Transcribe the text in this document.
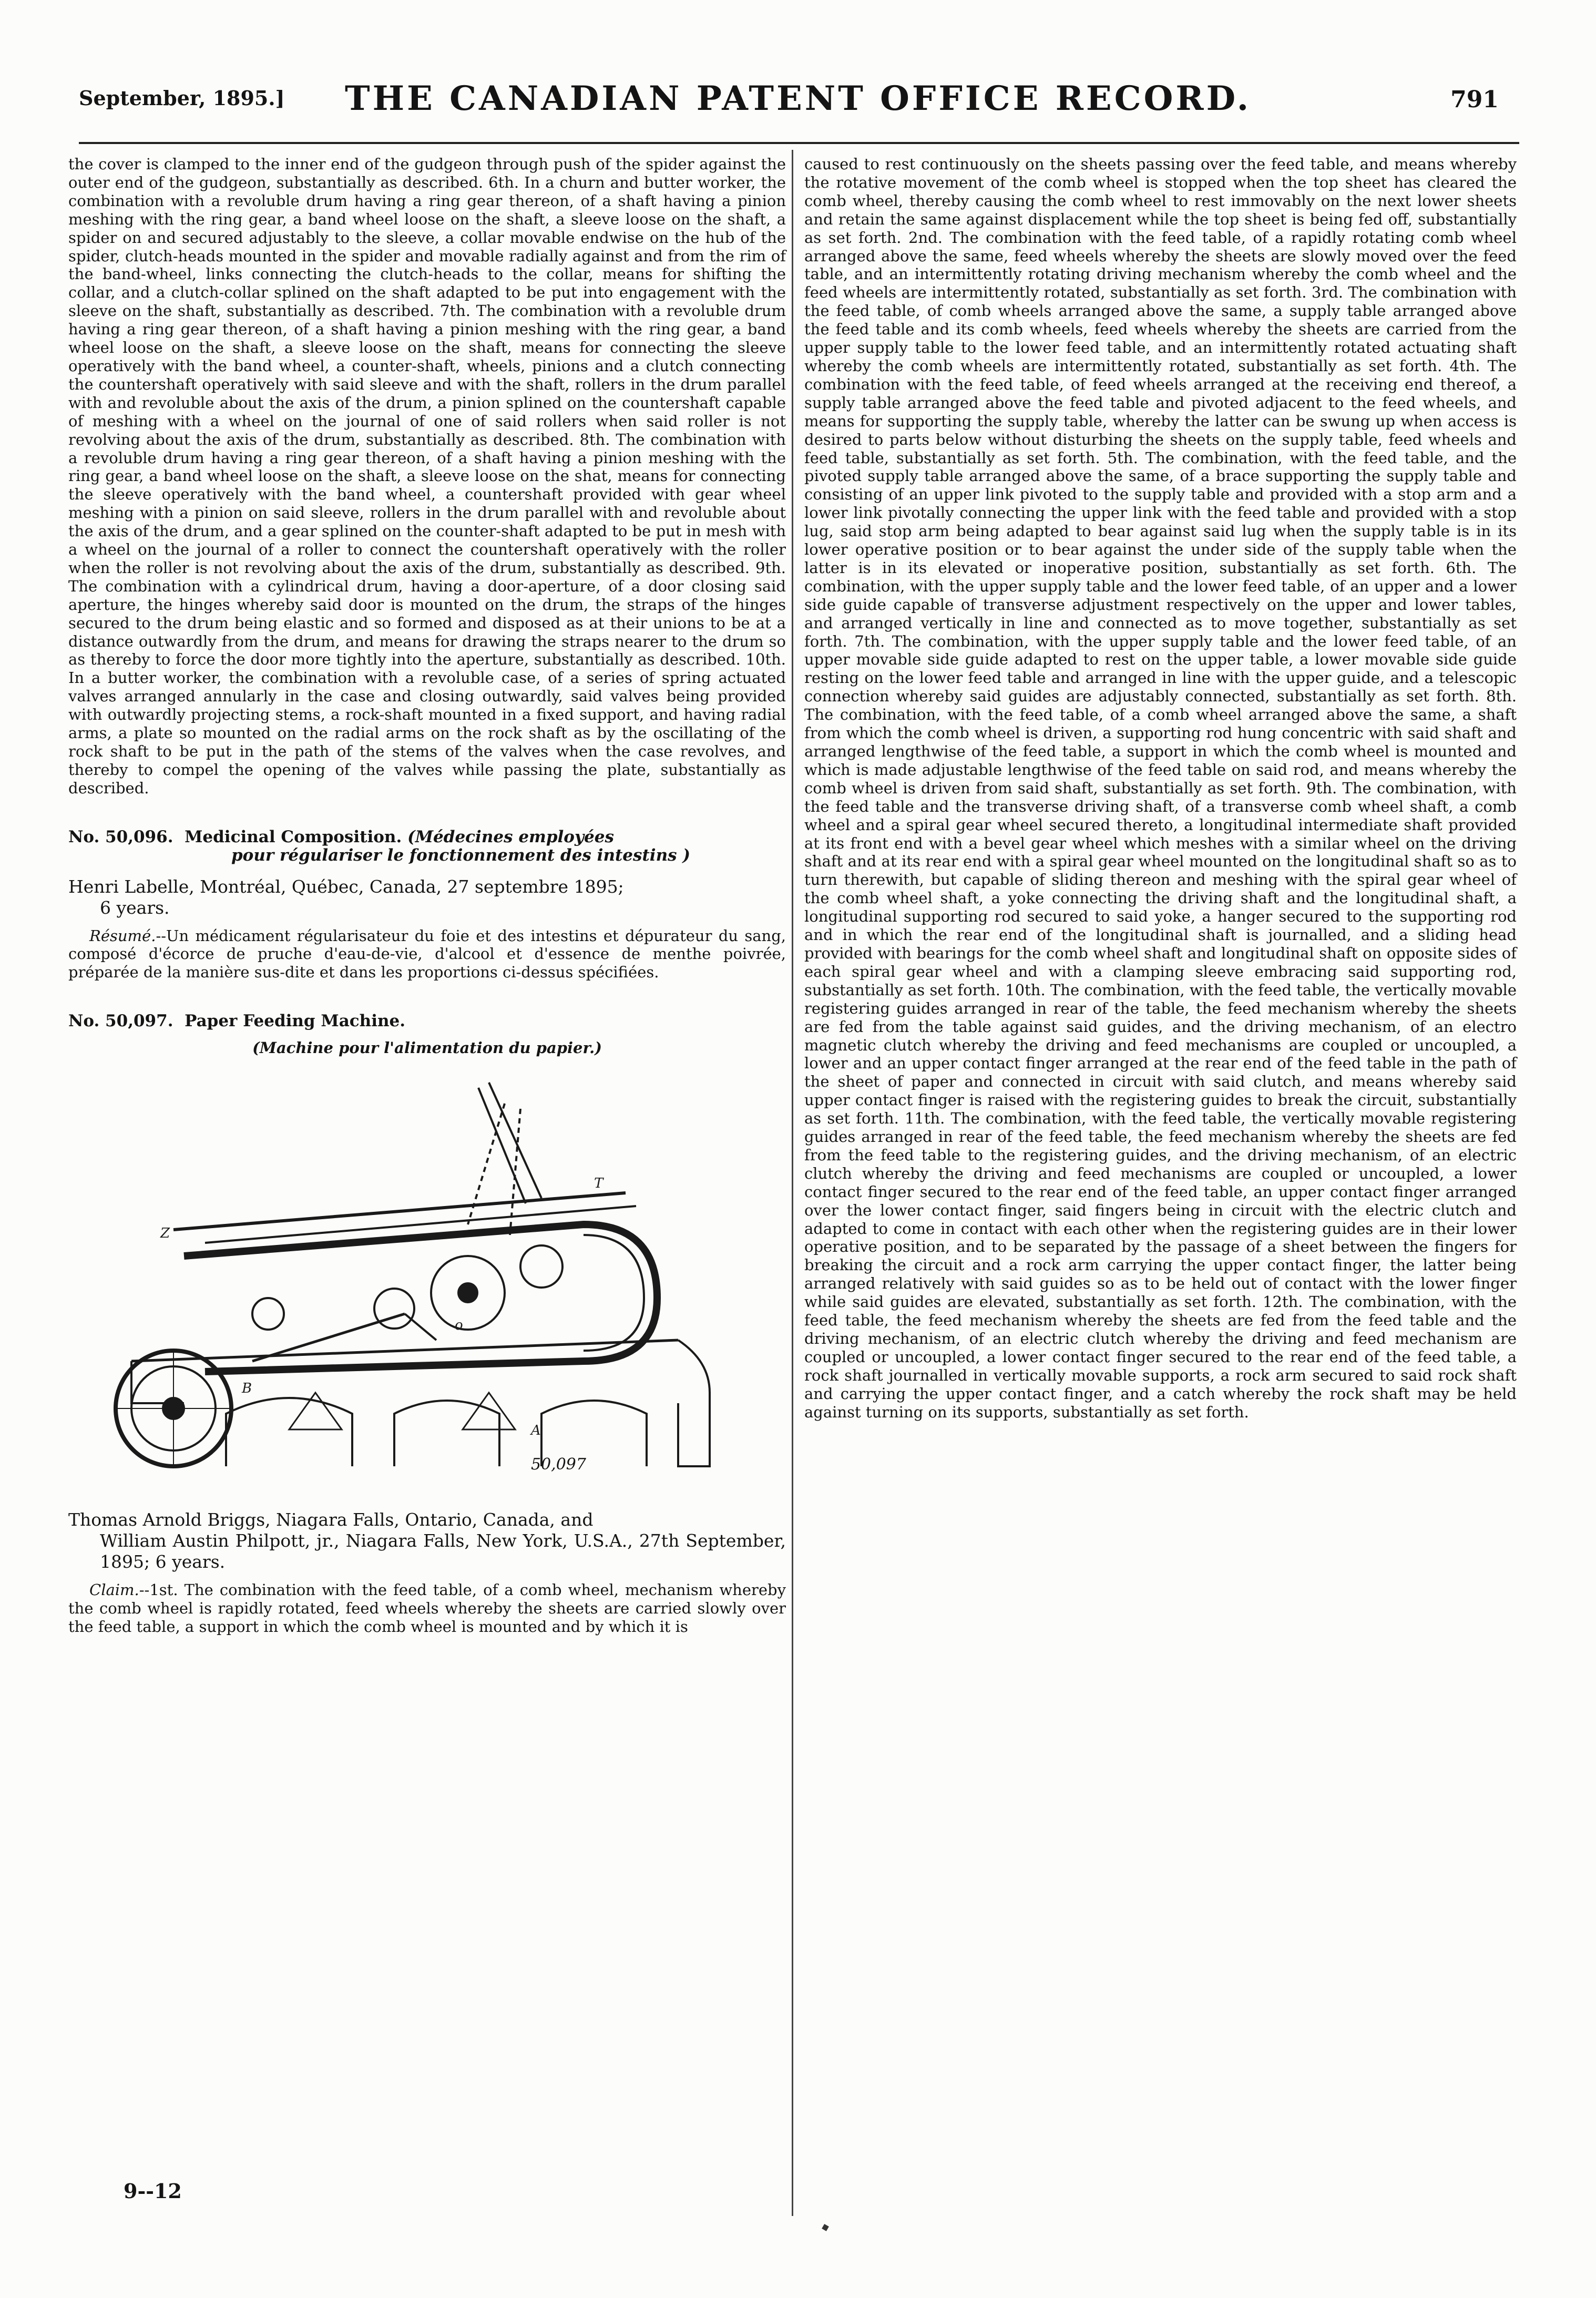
September, 1895.]	THE CANADIAN PATENT OFFICE RECORD.	791

the cover is clamped to the inner end of the gudgeon through push of the spider against the outer end of the gudgeon, substantially as described. 6th. In a churn and butter worker, the combination with a revoluble drum having a ring gear thereon, of a shaft having a pinion meshing with the ring gear, a band wheel loose on the shaft, a sleeve loose on the shaft, a spider on and secured adjustably to the sleeve, a collar movable endwise on the hub of the spider, clutch-heads mounted in the spider and movable radially against and from the rim of the band-wheel, links connecting the clutch-heads to the collar, means for shifting the collar, and a clutch-collar splined on the shaft adapted to be put into engagement with the sleeve on the shaft, substantially as described. 7th. The combination with a revoluble drum having a ring gear thereon, of a shaft having a pinion meshing with the ring gear, a band wheel loose on the shaft, a sleeve loose on the shaft, means for connecting the sleeve operatively with the band wheel, a counter-shaft, wheels, pinions and a clutch connecting the countershaft operatively with said sleeve and with the shaft, rollers in the drum parallel with and revoluble about the axis of the drum, a pinion splined on the countershaft capable of meshing with a wheel on the journal of one of said rollers when said roller is not revolving about the axis of the drum, substantially as described. 8th. The combination with a revoluble drum having a ring gear thereon, of a shaft having a pinion meshing with the ring gear, a band wheel loose on the shaft, a sleeve loose on the shat, means for connecting the sleeve operatively with the band wheel, a countershaft provided with gear wheel meshing with a pinion on said sleeve, rollers in the drum parallel with and revoluble about the axis of the drum, and a gear splined on the counter-shaft adapted to be put in mesh with a wheel on the journal of a roller to connect the countershaft operatively with the roller when the roller is not revolving about the axis of the drum, substantially as described. 9th. The combination with a cylindrical drum, having a door-aperture, of a door closing said aperture, the hinges whereby said door is mounted on the drum, the straps of the hinges secured to the drum being elastic and so formed and disposed as at their unions to be at a distance outwardly from the drum, and means for drawing the straps nearer to the drum so as thereby to force the door more tightly into the aperture, substantially as described. 10th. In a butter worker, the combination with a revoluble case, of a series of spring actuated valves arranged annularly in the case and closing outwardly, said valves being provided with outwardly projecting stems, a rock-shaft mounted in a fixed support, and having radial arms, a plate so mounted on the radial arms on the rock shaft as by the oscillating of the rock shaft to be put in the path of the stems of the valves when the case revolves, and thereby to compel the opening of the valves while passing the plate, substantially as described.

No. 50,096. Medicinal Composition. (Médecines employées
pour régulariser le fonctionnement des intestins )

Henri Labelle, Montréal, Québec, Canada, 27 septembre 1895;
6 years.

Résumé.--Un médicament régularisateur du foie et des intestins et dépurateur du sang, composé d'écorce de pruche d'eau-de-vie, d'alcool et d'essence de menthe poivrée, préparée de la manière sus-dite et dans les proportions ci-dessus spécifiées.

No. 50,097. Paper Feeding Machine.
(Machine pour l'alimentation du papier.)
Z
T
o
B
A
50,097

Thomas Arnold Briggs, Niagara Falls, Ontario, Canada, and
William Austin Philpott, jr., Niagara Falls, New York, U.S.A., 27th September, 1895; 6 years.

Claim.--1st. The combination with the feed table, of a comb wheel, mechanism whereby the comb wheel is rapidly rotated, feed wheels whereby the sheets are carried slowly over the feed table, a support in which the comb wheel is mounted and by which it is

caused to rest continuously on the sheets passing over the feed table, and means whereby the rotative movement of the comb wheel is stopped when the top sheet has cleared the comb wheel, thereby causing the comb wheel to rest immovably on the next lower sheets and retain the same against displacement while the top sheet is being fed off, substantially as set forth. 2nd. The combination with the feed table, of a rapidly rotating comb wheel arranged above the same, feed wheels whereby the sheets are slowly moved over the feed table, and an intermittently rotating driving mechanism whereby the comb wheel and the feed wheels are intermittently rotated, substantially as set forth. 3rd. The combination with the feed table, of comb wheels arranged above the same, a supply table arranged above the feed table and its comb wheels, feed wheels whereby the sheets are carried from the upper supply table to the lower feed table, and an intermittently rotated actuating shaft whereby the comb wheels are intermittently rotated, substantially as set forth. 4th. The combination with the feed table, of feed wheels arranged at the receiving end thereof, a supply table arranged above the feed table and pivoted adjacent to the feed wheels, and means for supporting the supply table, whereby the latter can be swung up when access is desired to parts below without disturbing the sheets on the supply table, feed wheels and feed table, substantially as set forth. 5th. The combination, with the feed table, and the pivoted supply table arranged above the same, of a brace supporting the supply table and consisting of an upper link pivoted to the supply table and provided with a stop arm and a lower link pivotally connecting the upper link with the feed table and provided with a stop lug, said stop arm being adapted to bear against said lug when the supply table is in its lower operative position or to bear against the under side of the supply table when the latter is in its elevated or inoperative position, substantially as set forth. 6th. The combination, with the upper supply table and the lower feed table, of an upper and a lower side guide capable of transverse adjustment respectively on the upper and lower tables, and arranged vertically in line and connected as to move together, substantially as set forth. 7th. The combination, with the upper supply table and the lower feed table, of an upper movable side guide adapted to rest on the upper table, a lower movable side guide resting on the lower feed table and arranged in line with the upper guide, and a telescopic connection whereby said guides are adjustably connected, substantially as set forth. 8th. The combination, with the feed table, of a comb wheel arranged above the same, a shaft from which the comb wheel is driven, a supporting rod hung concentric with said shaft and arranged lengthwise of the feed table, a support in which the comb wheel is mounted and which is made adjustable lengthwise of the feed table on said rod, and means whereby the comb wheel is driven from said shaft, substantially as set forth. 9th. The combination, with the feed table and the transverse driving shaft, of a transverse comb wheel shaft, a comb wheel and a spiral gear wheel secured thereto, a longitudinal intermediate shaft provided at its front end with a bevel gear wheel which meshes with a similar wheel on the driving shaft and at its rear end with a spiral gear wheel mounted on the longitudinal shaft so as to turn therewith, but capable of sliding thereon and meshing with the spiral gear wheel of the comb wheel shaft, a yoke connecting the driving shaft and the longitudinal shaft, a longitudinal supporting rod secured to said yoke, a hanger secured to the supporting rod and in which the rear end of the longitudinal shaft is journalled, and a sliding head provided with bearings for the comb wheel shaft and longitudinal shaft on opposite sides of each spiral gear wheel and with a clamping sleeve embracing said supporting rod, substantially as set forth. 10th. The combination, with the feed table, the vertically movable registering guides arranged in rear of the table, the feed mechanism whereby the sheets are fed from the table against said guides, and the driving mechanism, of an electro magnetic clutch whereby the driving and feed mechanisms are coupled or uncoupled, a lower and an upper contact finger arranged at the rear end of the feed table in the path of the sheet of paper and connected in circuit with said clutch, and means whereby said upper contact finger is raised with the registering guides to break the circuit, substantially as set forth. 11th. The combination, with the feed table, the vertically movable registering guides arranged in rear of the feed table, the feed mechanism whereby the sheets are fed from the feed table to the registering guides, and the driving mechanism, of an electric clutch whereby the driving and feed mechanisms are coupled or uncoupled, a lower contact finger secured to the rear end of the feed table, an upper contact finger arranged over the lower contact finger, said fingers being in circuit with the electric clutch and adapted to come in contact with each other when the registering guides are in their lower operative position, and to be separated by the passage of a sheet between the fingers for breaking the circuit and a rock arm carrying the upper contact finger, the latter being arranged relatively with said guides so as to be held out of contact with the lower finger while said guides are elevated, substantially as set forth. 12th. The combination, with the feed table, the feed mechanism whereby the sheets are fed from the feed table and the driving mechanism, of an electric clutch whereby the driving and feed mechanism are coupled or uncoupled, a lower contact finger secured to the rear end of the feed table, a rock shaft journalled in vertically movable supports, a rock arm secured to said rock shaft and carrying the upper contact finger, and a catch whereby the rock shaft may be held against turning on its supports, substantially as set forth.

9--12
